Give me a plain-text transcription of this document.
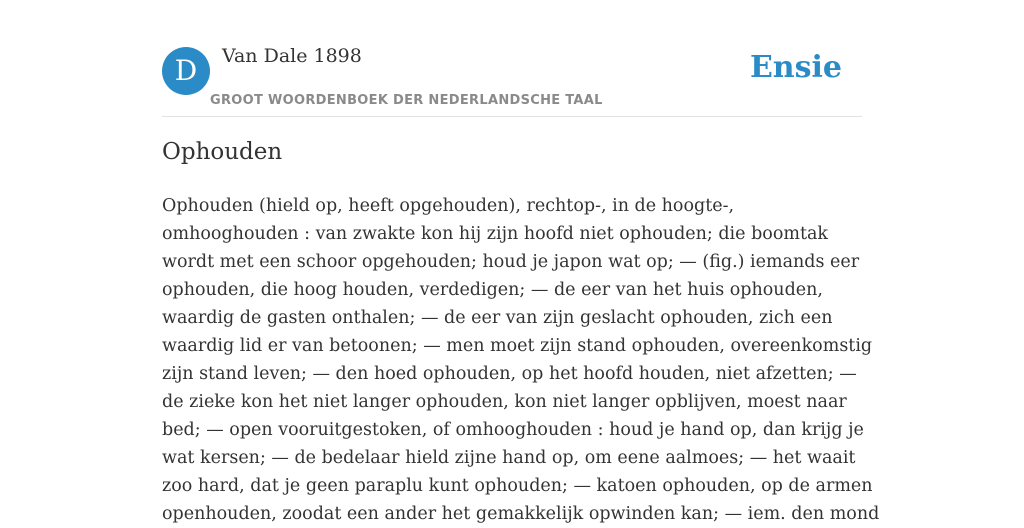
D	Van Dale 1898
GROOT WOORDENBOEK DER NEDERLANDSCHE TAAL
Ensie
Ophouden
Ophouden (hield op, heeft opgehouden), rechtop-, in de hoogte-,
omhooghouden : van zwakte kon hij zijn hoofd niet ophouden; die boomtak
wordt met een schoor opgehouden; houd je japon wat op; — (fig.) iemands eer
ophouden, die hoog houden, verdedigen; — de eer van het huis ophouden,
waardig de gasten onthalen; — de eer van zijn geslacht ophouden, zich een
waardig lid er van betoonen; — men moet zijn stand ophouden, overeenkomstig
zijn stand leven; — den hoed ophouden, op het hoofd houden, niet afzetten; —
de zieke kon het niet langer ophouden, kon niet langer opblijven, moest naar
bed; — open vooruitgestoken, of omhooghouden : houd je hand op, dan krijg je
wat kersen; — de bedelaar hield zijne hand op, om eene aalmoes; — het waait
zoo hard, dat je geen paraplu kunt ophouden; — katoen ophouden, op de armen
openhouden, zoodat een ander het gemakkelijk opwinden kan; — iem. den mond
